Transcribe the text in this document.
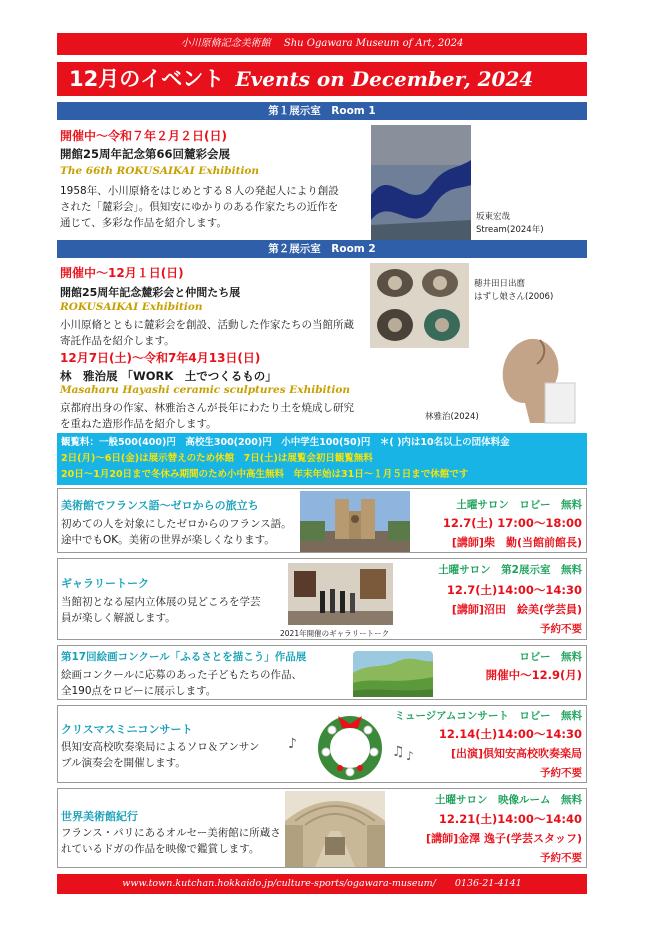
小川原脩記念美術館　 Shu Ogawara Museum of Art, 2024
12月のイベント Events on December, 2024
第１展示室　Room 1
開催中～令和７年２月２日(日)
開館25周年記念第66回麓彩会展
The 66th ROKUSAIKAI Exhibition
1958年、小川原脩をはじめとする８人の発起人により創設
された「麓彩会」。倶知安にゆかりのある作家たちの近作を
通じて、多彩な作品を紹介します。	坂東宏哉
Stream(2024年)
第２展示室　Room 2
開催中～12月１日(日)
開館25周年記念麓彩会と仲間たち展
ROKUSAIKAI Exhibition
小川原脩とともに麓彩会を創設、活動した作家たちの当館所蔵
寄託作品を紹介します。
穂井田日出麿
はずし娘さん(2006)
12月7日(土)～令和7年4月13日(日)
林　雅治展 「WORK　土でつくるもの」
Masaharu Hayashi ceramic sculptures Exhibition
京都府出身の作家、林雅治さんが長年にわたり土を焼成し研究
を重ねた造形作品を紹介します。
林雅治(2024)
観覧料：一般500(400)円　高校生300(200)円　小中学生100(50)円　＊( )内は10名以上の団体料金
2日(月)～6日(金)は展示替えのため休館　7日(土)は展覧会初日観覧無料
20日～1月20日まで冬休み期間のため小中高生無料　年末年始は31日～１月５日まで休館です
美術館でフランス語～ゼロからの旅立ち
初めての人を対象にしたゼロからのフランス語。
途中でもOK。美術の世界が楽しくなります。
土曜サロン　ロビー　無料
12.7(土) 17:00～18:00
[講師]柴　勤(当館前館長)
ギャラリートーク
当館初となる屋内立体展の見どころを学芸
員が楽しく解説します。
2021年開催のギャラリートーク
土曜サロン　第2展示室　無料
12.7(土)14:00～14:30
[講師]沼田　絵美(学芸員)
予約不要
第17回絵画コンクール「ふるさとを描こう」作品展
絵画コンクールに応募のあった子どもたちの作品、
全190点をロビーに展示します。
ロビー　無料
開催中～12.9(月)
クリスマスミニコンサート
倶知安高校吹奏楽局によるソロ＆アンサン
ブル演奏会を開催します。
♪	♫ ♪
ミュージアムコンサート　ロビー　無料
12.14(土)14:00～14:30
[出演]倶知安高校吹奏楽局
予約不要
世界美術館紀行
フランス・パリにあるオルセー美術館に所蔵さ
れているドガの作品を映像で鑑賞します。
土曜サロン　映像ルーム　無料
12.21(土)14:00～14:40
[講師]金澤 逸子(学芸スタッフ)
予約不要
www.town.kutchan.hokkaido.jp/culture-sports/ogawara-museum/ 0136-21-4141
